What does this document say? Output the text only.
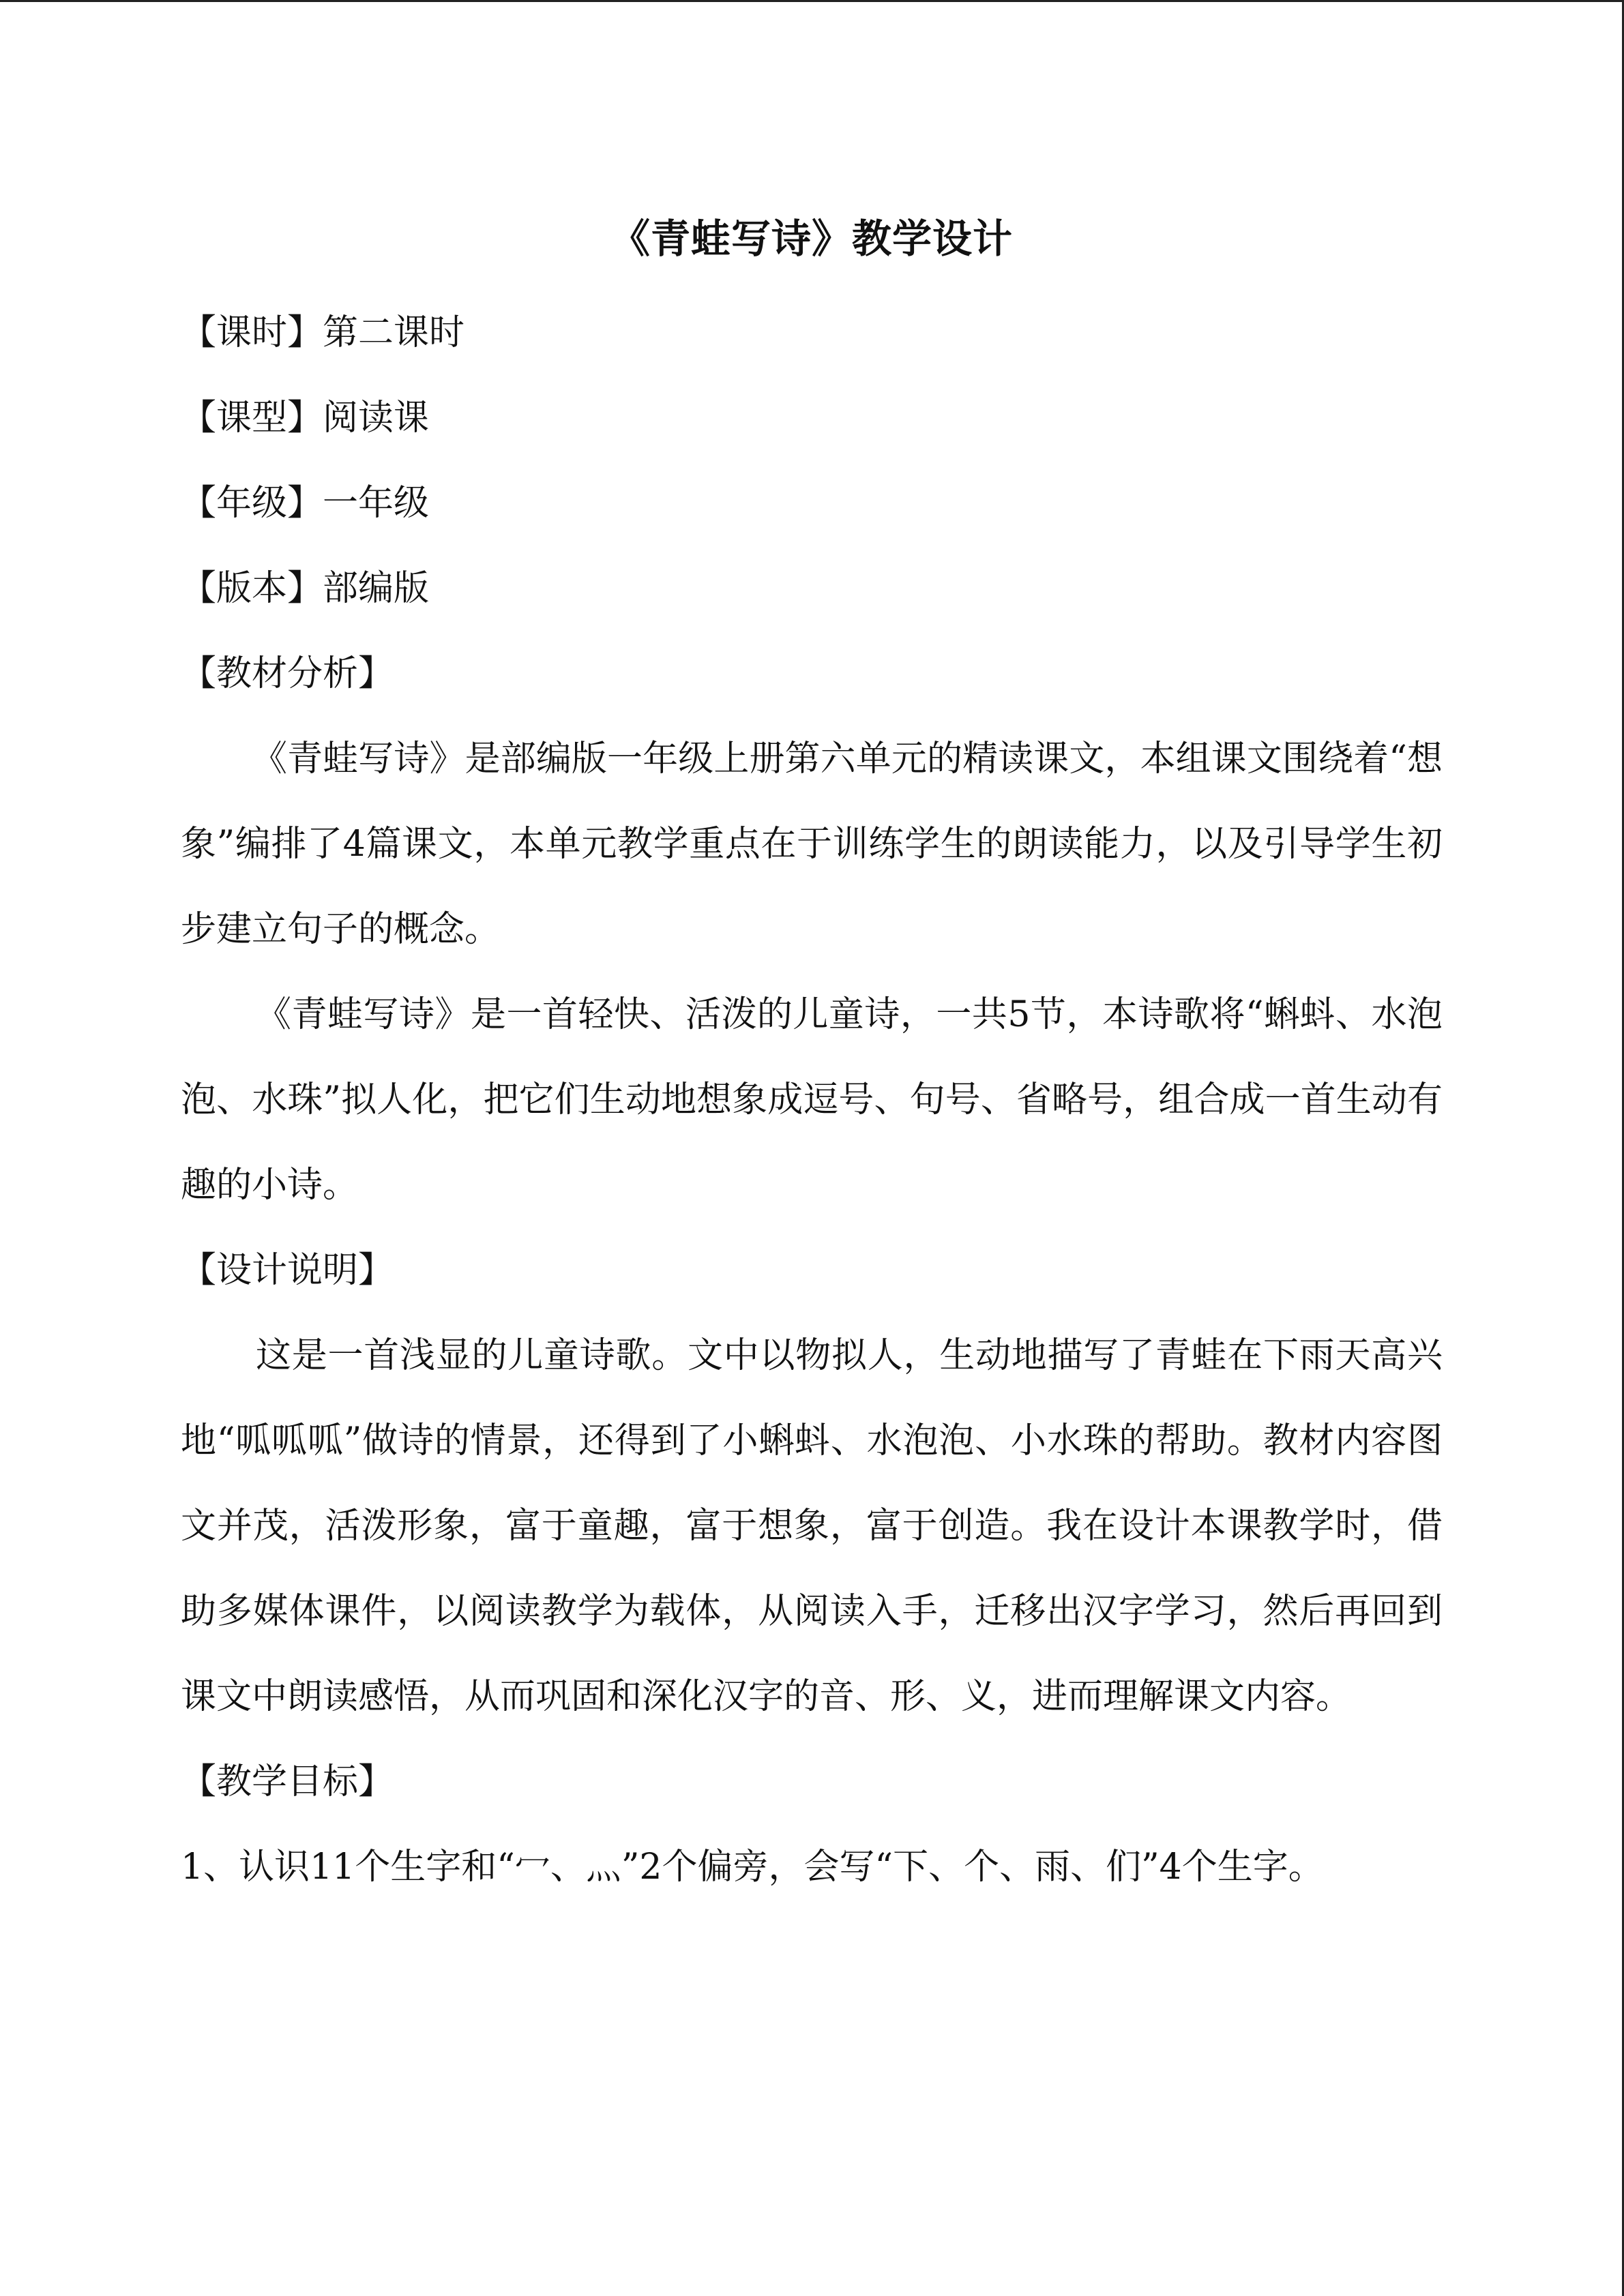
《青蛙写诗》教学设计
【课时】第二课时
【课型】阅读课
【年级】一年级
【版本】部编版
【教材分析】

《青蛙写诗》是部编版一年级上册第六单元的精读课文，本组课文围绕着“想象”编排了4篇课文，本单元教学重点在于训练学生的朗读能力，以及引导学生初步建立句子的概念。

《青蛙写诗》是一首轻快、活泼的儿童诗，一共5节，本诗歌将“蝌蚪、水泡泡、水珠”拟人化，把它们生动地想象成逗号、句号、省略号，组合成一首生动有趣的小诗。

【设计说明】

这是一首浅显的儿童诗歌。文中以物拟人，生动地描写了青蛙在下雨天高兴地“呱呱呱”做诗的情景，还得到了小蝌蚪、水泡泡、小水珠的帮助。教材内容图文并茂，活泼形象，富于童趣，富于想象，富于创造。我在设计本课教学时，借助多媒体课件，以阅读教学为载体，从阅读入手，迁移出汉字学习，然后再回到课文中朗读感悟，从而巩固和深化汉字的音、形、义，进而理解课文内容。

【教学目标】

1、认识11个生字和“冖、灬”2个偏旁，会写“下、个、雨、们”4个生字。
